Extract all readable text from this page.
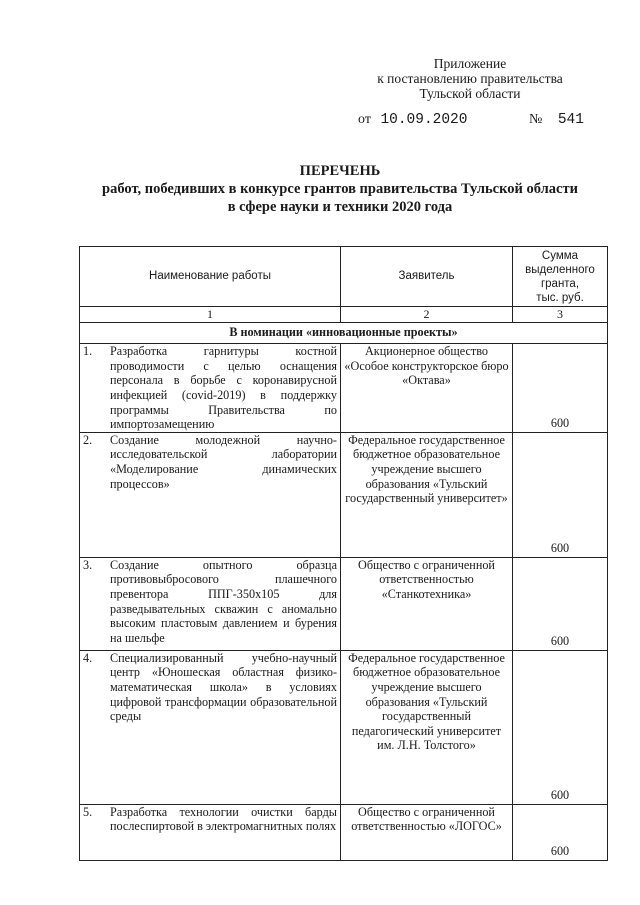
Приложение
к постановлению правительства
Тульской области
от 10.09.2020	№ 541
ПЕРЕЧЕНЬ
работ, победивших в конкурсе грантов правительства Тульской области
в сфере науки и техники 2020 года
Наименование работы	Заявитель	Сумма
выделенного
гранта,
тыс. руб.

1	2	3
В номинации «инновационные проекты»		

1. Разработка гарнитуры костной проводимости с целью оснащения персонала в борьбе с коронавирусной инфекцией (covid-2019) в поддержку программы Правительства по импортозамещению	Акционерное общество «Особое конструкторское бюро «Октава»	600

2. Создание молодежной научно-исследовательской лаборатории «Моделирование динамических процессов»	Федеральное государственное бюджетное образовательное учреждение высшего образования «Тульский государственный университет»	600

3. Создание опытного образца противовыбросового плашечного превентора ППГ-350х105 для разведывательных скважин с аномально высоким пластовым давлением и бурения на шельфе	Общество с ограниченной ответственностью «Станкотехника»	600

4. Специализированный учебно-научный центр «Юношеская областная физико-математическая школа» в условиях цифровой трансформации образовательной среды	Федеральное государственное бюджетное образовательное учреждение высшего образования «Тульский государственный педагогический университет им. Л.Н. Толстого»	600

5. Разработка технологии очистки барды послеспиртовой в электромагнитных полях	Общество с ограниченной ответственностью «ЛОГОС»	600
